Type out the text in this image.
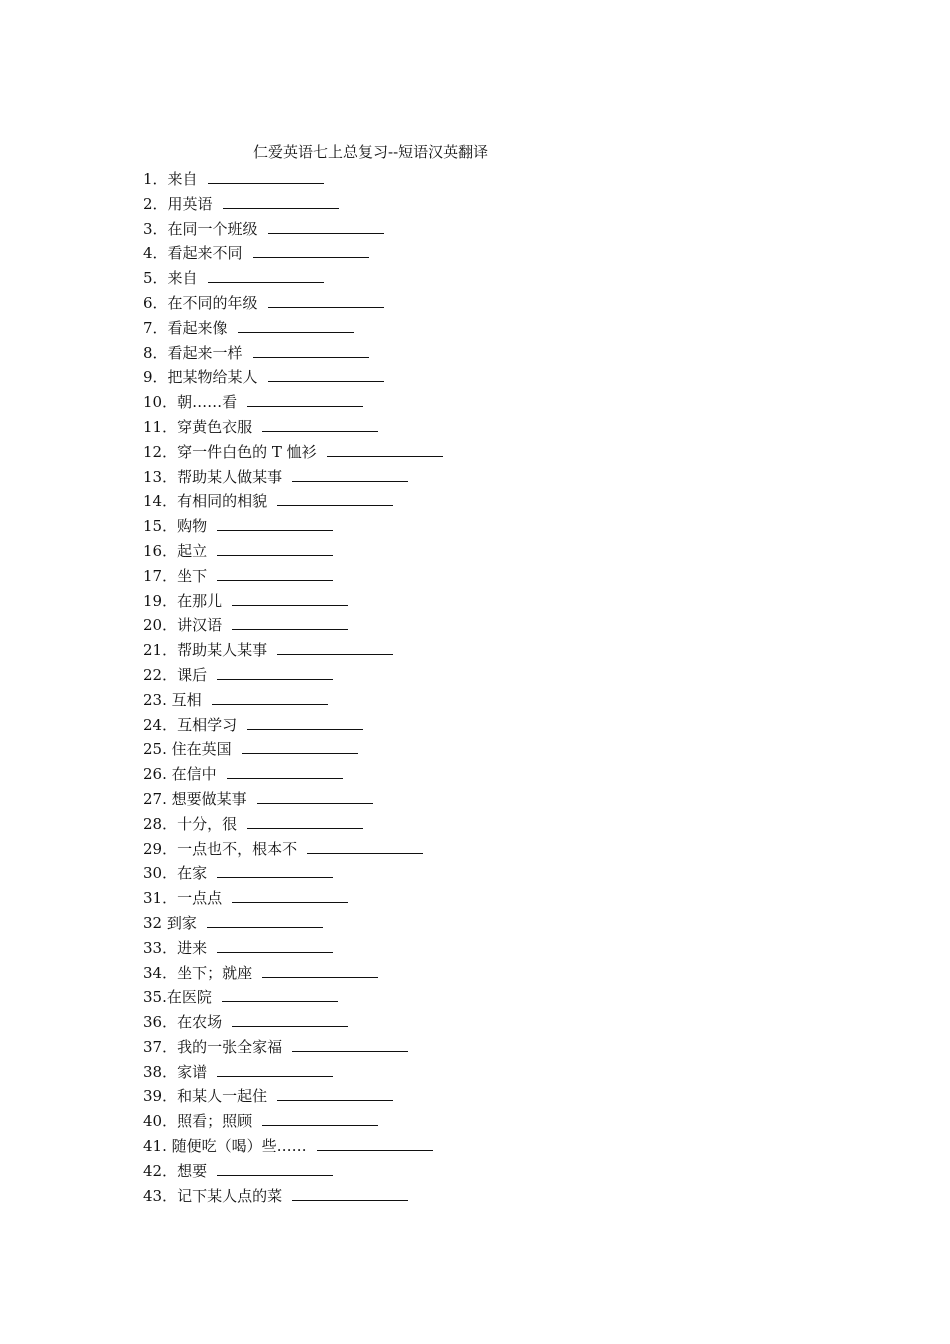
仁爱英语七上总复习--短语汉英翻译
1．来自
2．用英语
3．在同一个班级
4．看起来不同
5．来自
6．在不同的年级
7．看起来像
8．看起来一样
9．把某物给某人
10．朝……看
11．穿黄色衣服
12．穿一件白色的 T 恤衫
13．帮助某人做某事
14．有相同的相貌
15．购物
16．起立
17．坐下
19．在那儿
20．讲汉语
21．帮助某人某事
22．课后
23. 互相
24．互相学习
25. 住在英国
26. 在信中
27. 想要做某事
28．十分，很
29．一点也不，根本不
30．在家
31．一点点
32 到家
33．进来
34．坐下；就座
35.在医院
36．在农场
37．我的一张全家福
38．家谱
39．和某人一起住
40．照看；照顾
41. 随便吃（喝）些……
42．想要
43．记下某人点的菜
